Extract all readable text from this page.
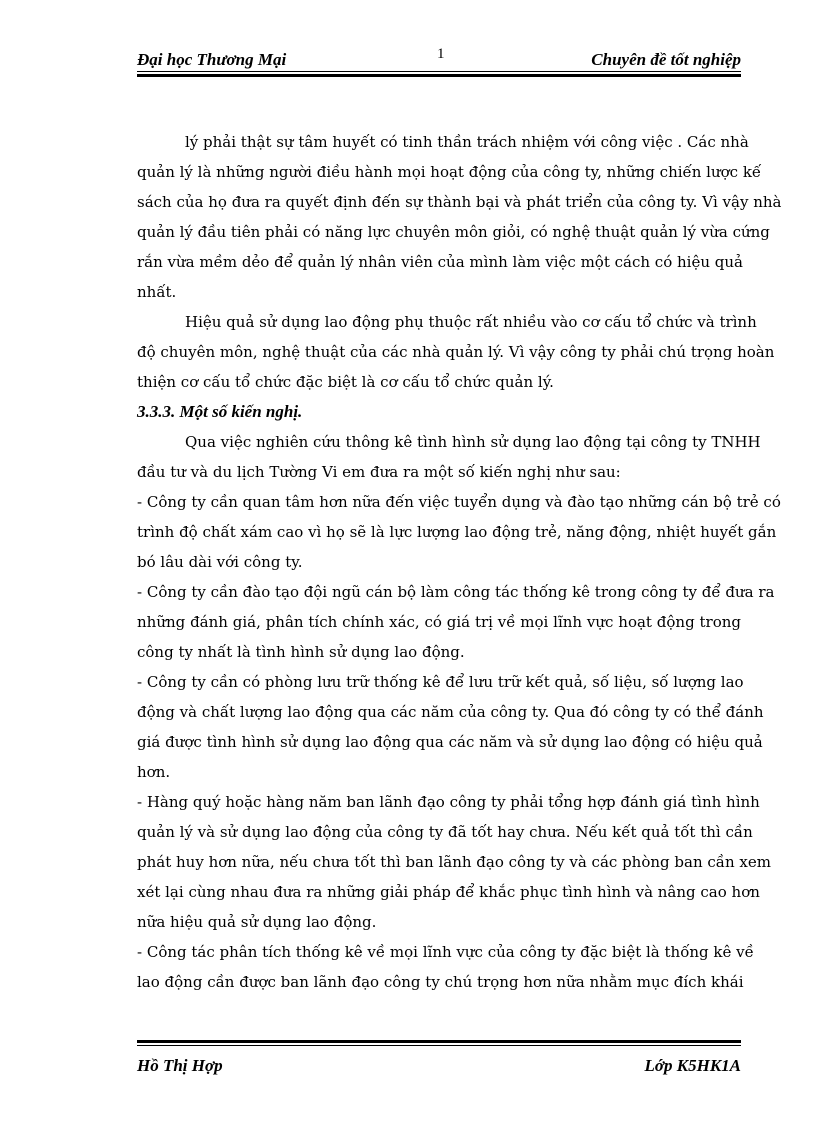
Đại học Thương Mại	1	Chuyên đề tốt nghiệp
lý phải thật sự tâm huyết có tinh thần trách nhiệm với công việc . Các nhà
quản lý là những người điều hành mọi hoạt động của công ty, những chiến lược kế
sách của họ đưa ra quyết định đến sự thành bại và phát triển của công ty. Vì vậy nhà
quản lý đầu tiên phải có năng lực chuyên môn giỏi, có nghệ thuật quản lý vừa cứng
rắn vừa mềm dẻo để quản lý nhân viên của mình làm việc một cách có hiệu quả
nhất.
Hiệu quả sử dụng lao động phụ thuộc rất nhiều vào cơ cấu tổ chức và trình
độ chuyên môn, nghệ thuật của các nhà quản lý. Vì vậy công ty phải chú trọng hoàn
thiện cơ cấu tổ chức đặc biệt là cơ cấu tổ chức quản lý.
3.3.3. Một số kiến nghị.
Qua việc nghiên cứu thông kê tình hình sử dụng lao động tại công ty TNHH
đầu tư và du lịch Tường Vi em đưa ra một số kiến nghị như sau:
- Công ty cần quan tâm hơn nữa đến việc tuyển dụng và đào tạo những cán bộ trẻ có
trình độ chất xám cao vì họ sẽ là lực lượng lao động trẻ, năng động, nhiệt huyết gắn
bó lâu dài với công ty.
- Công ty cần đào tạo đội ngũ cán bộ làm công tác thống kê trong công ty để đưa ra
những đánh giá, phân tích chính xác, có giá trị về mọi lĩnh vực hoạt động trong
công ty nhất là tình hình sử dụng lao động.
- Công ty cần có phòng lưu trữ thống kê để lưu trữ kết quả, số liệu, số lượng lao
động và chất lượng lao động qua các năm của công ty. Qua đó công ty có thể đánh
giá được tình hình sử dụng lao động qua các năm và sử dụng lao động có hiệu quả
hơn.
- Hàng quý hoặc hàng năm ban lãnh đạo công ty phải tổng hợp đánh giá tình hình
quản lý và sử dụng lao động của công ty đã tốt hay chưa. Nếu kết quả tốt thì cần
phát huy hơn nữa, nếu chưa tốt thì ban lãnh đạo công ty và các phòng ban cần xem
xét lại cùng nhau đưa ra những giải pháp để khắc phục tình hình và nâng cao hơn
nữa hiệu quả sử dụng lao động.
- Công tác phân tích thống kê về mọi lĩnh vực của công ty đặc biệt là thống kê về
lao động cần được ban lãnh đạo công ty chú trọng hơn nữa nhằm mục đích khái
Hồ Thị Hợp	Lớp K5HK1A
